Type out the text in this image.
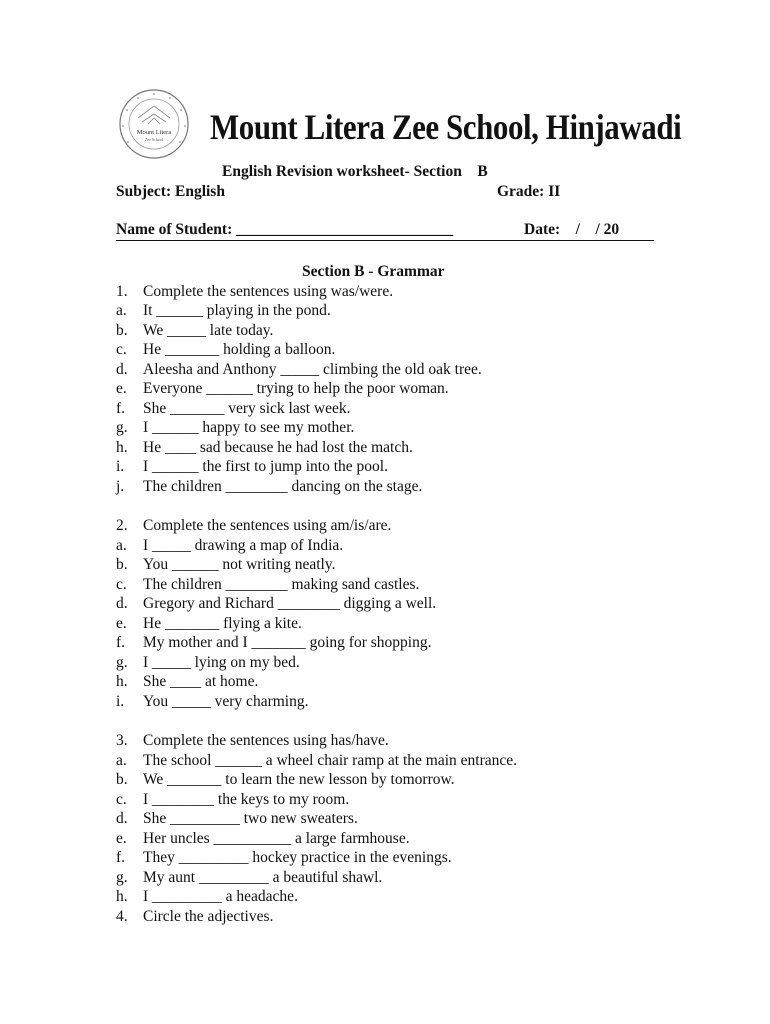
Mount Litera
Zee School Mount Litera Zee School, Hinjawadi
English Revision worksheet- Section    B
Subject: English	Grade: II
Name of Student: ____________________________	Date:    /    / 20
Section B - Grammar
1. Complete the sentences using was/were.
a. It ______ playing in the pond.
b. We _____ late today.
c. He _______ holding a balloon.
d. Aleesha and Anthony _____ climbing the old oak tree.
e. Everyone ______ trying to help the poor woman.
f. She _______ very sick last week.
g. I ______ happy to see my mother.
h. He ____ sad because he had lost the match.
i. I ______ the first to jump into the pool.
j. The children ________ dancing on the stage.
2. Complete the sentences using am/is/are.
a. I _____ drawing a map of India.
b. You ______ not writing neatly.
c. The children ________ making sand castles.
d. Gregory and Richard ________ digging a well.
e. He _______ flying a kite.
f. My mother and I _______ going for shopping.
g. I _____ lying on my bed.
h. She ____ at home.
i. You _____ very charming.
3. Complete the sentences using has/have.
a. The school ______ a wheel chair ramp at the main entrance.
b. We _______ to learn the new lesson by tomorrow.
c. I ________ the keys to my room.
d. She _________ two new sweaters.
e. Her uncles __________ a large farmhouse.
f. They _________ hockey practice in the evenings.
g. My aunt _________ a beautiful shawl.
h. I _________ a headache.
4. Circle the adjectives.
